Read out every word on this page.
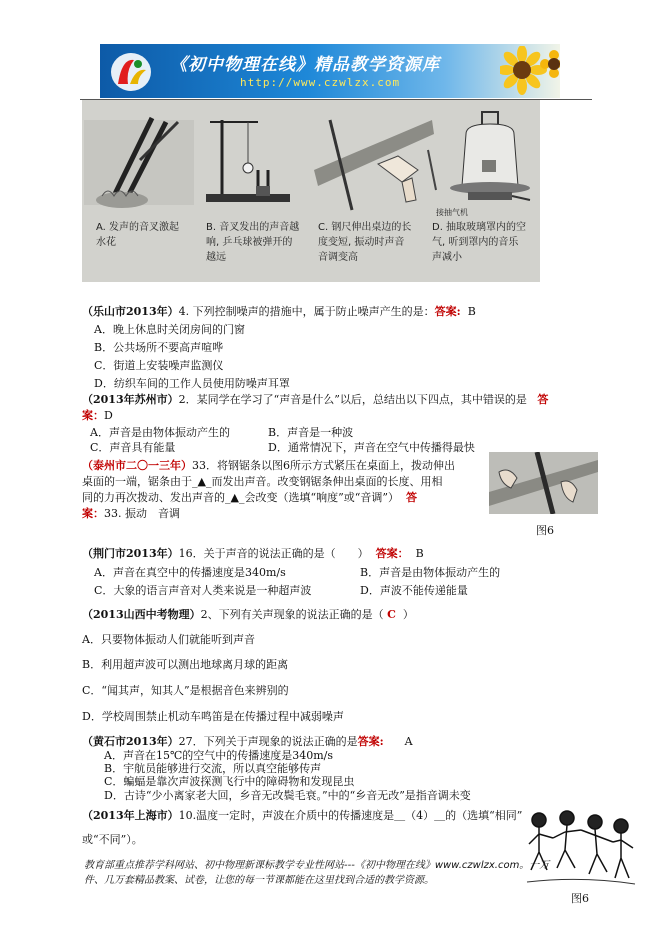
《初中物理在线》精品教学资源库
http://www.czwlzx.com
A. 发声的音叉激起
水花
B. 音叉发出的声音越
响, 乒乓球被弹开的
越远
C. 钢尺伸出桌边的长
度变短, 振动时声音
音调变高
接抽气机
D. 抽取玻璃罩内的空
气, 听到罩内的音乐
声减小
（乐山市2013年）4. 下列控制噪声的措施中，属于防止噪声产生的是：答案: B
A．晚上休息时关闭房间的门窗
B．公共场所不要高声喧哗
C．街道上安装噪声监测仪
D．纺织车间的工作人员使用防噪声耳罩
（2013年苏州市）2．某同学在学习了“声音是什么”以后，总结出以下四点，其中错误的是 答
案：D
A．声音是由物体振动产生的	B．声音是一种波
C．声音具有能量	D．通常情况下，声音在空气中传播得最快
（泰州市二〇一三年）33．将钢锯条以图6所示方式紧压在桌面上，拨动伸出
桌面的一端，锯条由于_▲_而发出声音。改变钢锯条伸出桌面的长度、用相
同的力再次拨动、发出声音的_▲_会改变（选填“响度”或“音调”） 答
案：33. 振动　音调
图6
（荆门市2013年）16．关于声音的说法正确的是（　　） 答案： B
A．声音在真空中的传播速度是340m/s	B．声音是由物体振动产生的
C．大象的语言声音对人类来说是一种超声波	D．声波不能传递能量
（2013山西中考物理）2、下列有关声现象的说法正确的是（ C ）
A．只要物体振动人们就能听到声音
B．利用超声波可以测出地球离月球的距离
C．“闻其声，知其人”是根据音色来辨别的
D．学校周围禁止机动车鸣笛是在传播过程中减弱噪声
（黄石市2013年）27．下列关于声现象的说法正确的是答案: A
A．声音在15℃的空气中的传播速度是340m/s
B．宇航员能够进行交流，所以真空能够传声
C．蝙蝠是靠次声波探测飞行中的障碍物和发现昆虫
D．古诗“少小离家老大回，乡音无改鬓毛衰。”中的“乡音无改”是指音调未变
（2013年上海市）10.温度一定时，声波在介质中的传播速度是＿（4）＿的（选填“相同”
或“不同”）。
教育部重点推荐学科网站、初中物理新课标教学专业性网站---《初中物理在线》www.czwlzx.com。一万
件、几万套精品教案、试卷，让您的每一节课都能在这里找到合适的教学资源。
图6
